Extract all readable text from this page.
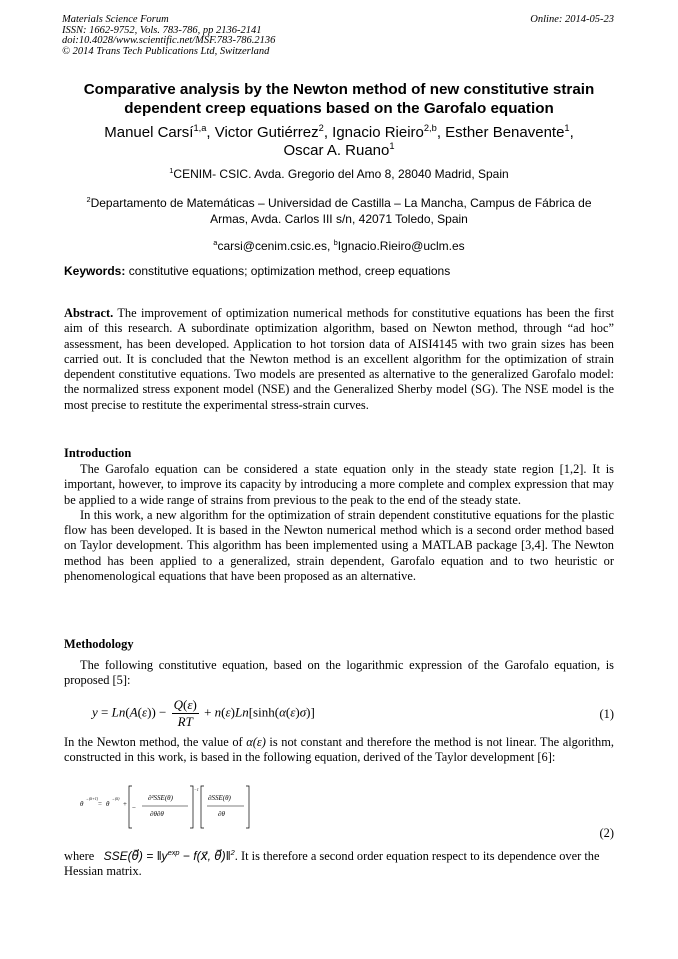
Materials Science Forum
ISSN: 1662-9752, Vols. 783-786, pp 2136-2141
doi:10.4028/www.scientific.net/MSF.783-786.2136
© 2014 Trans Tech Publications Ltd, Switzerland
Online: 2014-05-23
Comparative analysis by the Newton method of new constitutive strain
dependent creep equations based on the Garofalo equation
Manuel Carsí$^{1,a}$, Victor Gutiérrez$^2$, Ignacio Rieiro$^{2,b}$, Esther Benavente$^1$,
Oscar A. Ruano$^1$
$^1$CENIM- CSIC. Avda. Gregorio del Amo 8, 28040 Madrid, Spain
$^2$Departamento de Matemáticas – Universidad de Castilla – La Mancha, Campus de Fábrica de
Armas, Avda. Carlos III s/n, 42071 Toledo, Spain
$^a$carsi@cenim.csic.es, $^b$Ignacio.Rieiro@uclm.es
Keywords: constitutive equations; optimization method, creep equations

Abstract. The improvement of optimization numerical methods for constitutive equations has been the first aim of this research. A subordinate optimization algorithm, based on Newton method, through “ad hoc” assessment, has been developed. Application to hot torsion data of AISI4145 with two grain sizes has been carried out. It is concluded that the Newton method is an excellent algorithm for the optimization of strain dependent constitutive equations. Two models are presented as alternative to the generalized Garofalo model: the normalized stress exponent model (NSE) and the Generalized Sherby model (SG). The NSE model is the most precise to restitute the experimental stress-strain curves.

Introduction

The Garofalo equation can be considered a state equation only in the steady state region [1,2]. It is important, however, to improve its capacity by introducing a more complete and complex expression that may be applied to a wide range of strains from previous to the peak to the end of the steady state.

In this work, a new algorithm for the optimization of strain dependent constitutive equations for the plastic flow has been developed. It is based in the Newton numerical method which is a second order method based on Taylor development. This algorithm has been implemented using a MATLAB package [3,4]. The Newton method has been applied to a generalized, strain dependent, Garofalo equation and to two heuristic or phenomenological equations that have been proposed as an alternative.

Methodology

The following constitutive equation, based on the logarithmic expression of the Garofalo equation, is proposed [5]:

$y = Ln(A(\varepsilon)) - \frac{Q(\varepsilon)}{RT} + n(\varepsilon)Ln[\sinh(\alpha(\varepsilon)\sigma)]$	(1)

In the Newton method, the value of α(ε) is not constant and therefore the method is not linear. The algorithm, constructed in this work, is based in the following equation, derived of the Taylor development [6]:

θ
→(k+1)
= θ
→(k)
+ −
∂²SSE(θ)
∂θ∂θ
−1
∂SSE(θ)
∂θ
(2)

where SSE(θ⃗) = $‖y^{exp}$ − f(x⃗, θ⃗)‖$^2$. It is therefore a second order equation respect to its dependence over the Hessian matrix.
